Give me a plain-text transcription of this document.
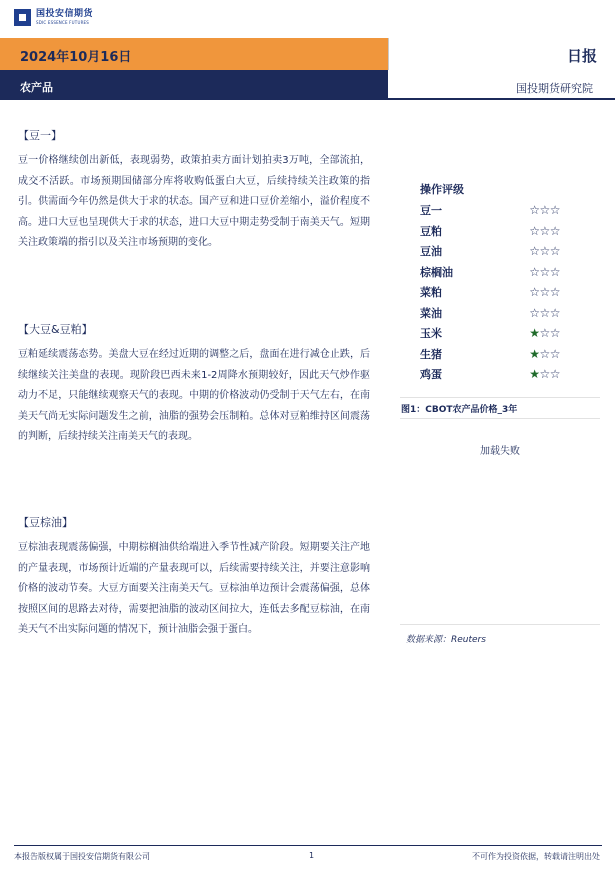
国投安信期货
SDIC ESSENCE FUTURES
2024年10月16日	日报
农产品	国投期货研究院
【豆一】

豆一价格继续创出新低，表现弱势，政策拍卖方面计划拍卖3万吨，全部流拍，成交不活跃。市场预期国储部分库将收购低蛋白大豆，后续持续关注政策的指引。供需面今年仍然是供大于求的状态。国产豆和进口豆价差缩小，溢价程度不高。进口大豆也呈现供大于求的状态，进口大豆中期走势受制于南美天气。短期关注政策端的指引以及关注市场预期的变化。

【大豆&豆粕】

豆粕延续震荡态势。美盘大豆在经过近期的调整之后，盘面在进行减仓止跌，后续继续关注美盘的表现。现阶段巴西未来1-2周降水预期较好，因此天气炒作驱动力不足，只能继续观察天气的表现。中期的价格波动仍受制于天气左右，在南美天气尚无实际问题发生之前，油脂的强势会压制粕。总体对豆粕维持区间震荡的判断，后续持续关注南美天气的表现。

【豆棕油】

豆棕油表现震荡偏强，中期棕榈油供给端进入季节性减产阶段。短期要关注产地的产量表现，市场预计近端的产量表现可以，后续需要持续关注，并要注意影响价格的波动节奏。大豆方面要关注南美天气。豆棕油单边预计会震荡偏强，总体按照区间的思路去对待，需要把油脂的波动区间拉大，连低去多配豆棕油，在南美天气不出实际问题的情况下，预计油脂会强于蛋白。

操作评级
豆一	☆☆☆
豆粕	☆☆☆
豆油	☆☆☆
棕榈油	☆☆☆
菜粕	☆☆☆
菜油	☆☆☆
玉米	★☆☆
生猪	★☆☆
鸡蛋	★☆☆
图1：CBOT农产品价格_3年
加载失败
数据来源：Reuters
本报告版权属于国投安信期货有限公司	1	不可作为投资依据，转载请注明出处
